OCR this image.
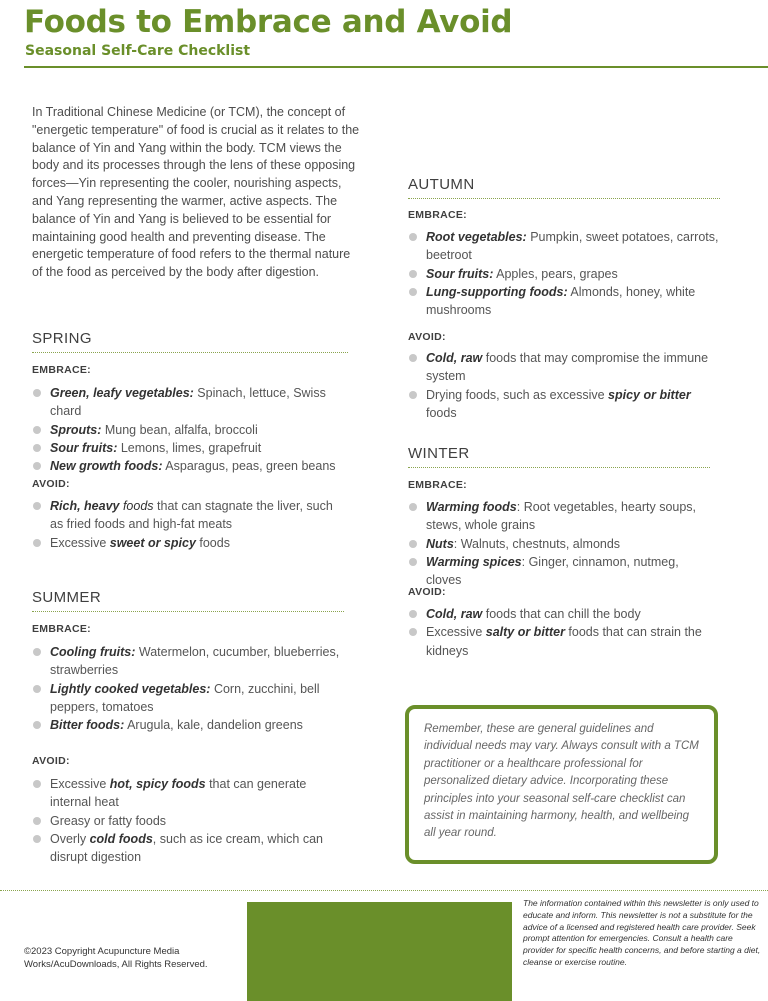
Foods to Embrace and Avoid
Seasonal Self-Care Checklist

In Traditional Chinese Medicine (or TCM), the concept of "energetic temperature" of food is crucial as it relates to the balance of Yin and Yang within the body. TCM views the body and its processes through the lens of these opposing forces—Yin representing the cooler, nourishing aspects, and Yang representing the warmer, active aspects. The balance of Yin and Yang is believed to be essential for maintaining good health and preventing disease. The energetic temperature of food refers to the thermal nature of the food as perceived by the body after digestion.

SPRING
EMBRACE:
Green, leafy vegetables: Spinach, lettuce, Swiss chard
Sprouts: Mung bean, alfalfa, broccoli
Sour fruits: Lemons, limes, grapefruit
New growth foods: Asparagus, peas, green beans
AVOID:
Rich, heavy foods that can stagnate the liver, such as fried foods and high-fat meats
Excessive sweet or spicy foods
SUMMER
EMBRACE:
Cooling fruits: Watermelon, cucumber, blueberries, strawberries
Lightly cooked vegetables: Corn, zucchini, bell peppers, tomatoes
Bitter foods: Arugula, kale, dandelion greens
AVOID:
Excessive hot, spicy foods that can generate internal heat
Greasy or fatty foods
Overly cold foods, such as ice cream, which can disrupt digestion
AUTUMN
EMBRACE:
Root vegetables: Pumpkin, sweet potatoes, carrots, beetroot
Sour fruits: Apples, pears, grapes
Lung-supporting foods: Almonds, honey, white mushrooms
AVOID:
Cold, raw foods that may compromise the immune system
Drying foods, such as excessive spicy or bitter foods
WINTER
EMBRACE:
Warming foods: Root vegetables, hearty soups, stews, whole grains
Nuts: Walnuts, chestnuts, almonds
Warming spices: Ginger, cinnamon, nutmeg, cloves
AVOID:
Cold, raw foods that can chill the body
Excessive salty or bitter foods that can strain the kidneys
Remember, these are general guidelines and individual needs may vary. Always consult with a TCM practitioner or a healthcare professional for personalized dietary advice. Incorporating these principles into your seasonal self-care checklist can assist in maintaining harmony, health, and wellbeing all year round.

©2023 Copyright Acupuncture Media Works/AcuDownloads, All Rights Reserved.

The information contained within this newsletter is only used to educate and inform. This newsletter is not a substitute for the advice of a licensed and registered health care provider. Seek prompt attention for emergencies. Consult a health care provider for specific health concerns, and before starting a diet, cleanse or exercise routine.
